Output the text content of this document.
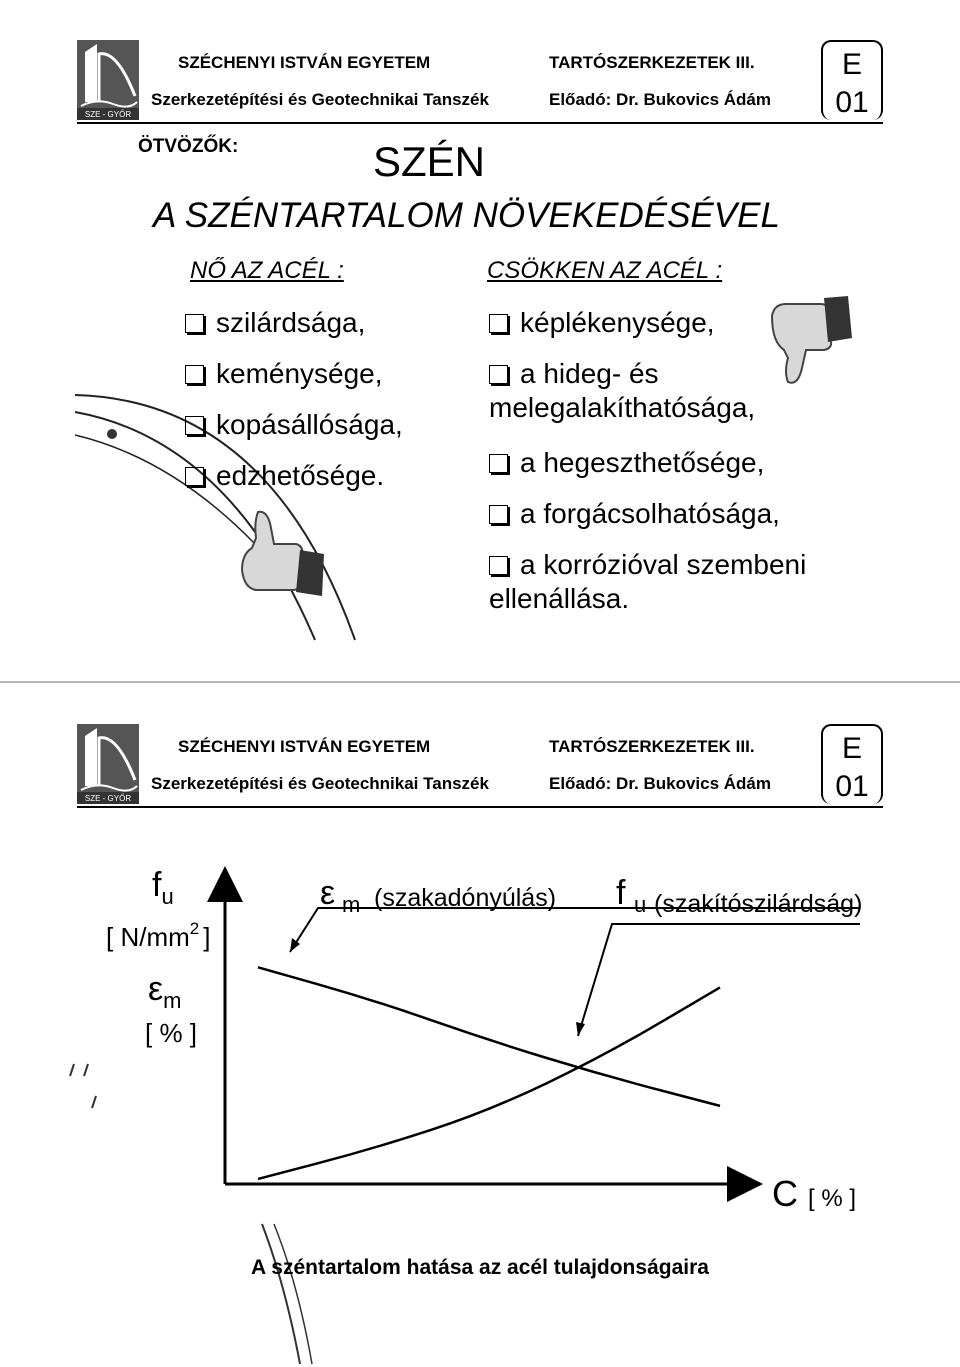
SZE - GYŐR
SZÉCHENYI ISTVÁN EGYETEM
Szerkezetépítési és Geotechnikai Tanszék
TARTÓSZERKEZETEK III.
Előadó: Dr. Bukovics Ádám
E
01
ÖTVÖZŐK:	SZÉN
A SZÉNTARTALOM NÖVEKEDÉSÉVEL
NŐ AZ ACÉL :	CSÖKKEN AZ ACÉL :
szilárdsága,
keménysége,
kopásállósága,
edzhetősége.
képlékenysége,
a hideg- és
melegalakíthatósága,
a hegeszthetősége,
a forgácsolhatósága,
a korrózióval szembeni
ellenállása.
SZE - GYŐR
SZÉCHENYI ISTVÁN EGYETEM
Szerkezetépítési és Geotechnikai Tanszék
TARTÓSZERKEZETEK III.
Előadó: Dr. Bukovics Ádám
E
01
$f_u$
[ $N/mm^2$ ]
$\varepsilon_m$
[ % ]
C [ % ]
ε m (szakadónyúlás) f u (szakítószilárdság)
A széntartalom hatása az acél tulajdonságaira
